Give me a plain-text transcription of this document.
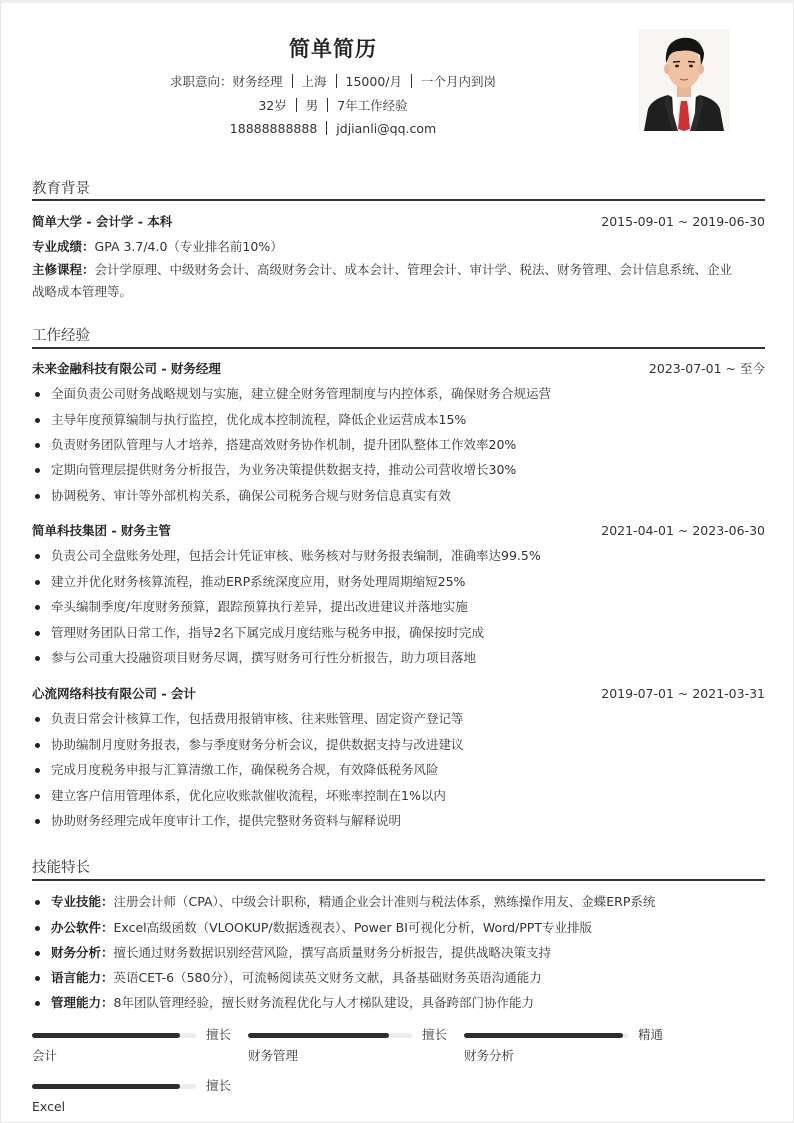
简单简历
求职意向：财务经理 上海 15000/月 一个月内到岗
32岁 男 7年工作经验
18888888888 jdjianli@qq.com
教育背景
简单大学 - 会计学 - 本科	2015-09-01 ~ 2019-06-30
专业成绩：GPA 3.7/4.0（专业排名前10%）
主修课程：会计学原理、中级财务会计、高级财务会计、成本会计、管理会计、审计学、税法、财务管理、会计信息系统、企业
战略成本管理等。
工作经验
未来金融科技有限公司 - 财务经理	2023-07-01 ~ 至今
全面负责公司财务战略规划与实施，建立健全财务管理制度与内控体系，确保财务合规运营
主导年度预算编制与执行监控，优化成本控制流程，降低企业运营成本15%
负责财务团队管理与人才培养，搭建高效财务协作机制，提升团队整体工作效率20%
定期向管理层提供财务分析报告，为业务决策提供数据支持，推动公司营收增长30%
协调税务、审计等外部机构关系，确保公司税务合规与财务信息真实有效
简单科技集团 - 财务主管	2021-04-01 ~ 2023-06-30
负责公司全盘账务处理，包括会计凭证审核、账务核对与财务报表编制，准确率达99.5%
建立并优化财务核算流程，推动ERP系统深度应用，财务处理周期缩短25%
牵头编制季度/年度财务预算，跟踪预算执行差异，提出改进建议并落地实施
管理财务团队日常工作，指导2名下属完成月度结账与税务申报，确保按时完成
参与公司重大投融资项目财务尽调，撰写财务可行性分析报告，助力项目落地
心流网络科技有限公司 - 会计	2019-07-01 ~ 2021-03-31
负责日常会计核算工作，包括费用报销审核、往来账管理、固定资产登记等
协助编制月度财务报表，参与季度财务分析会议，提供数据支持与改进建议
完成月度税务申报与汇算清缴工作，确保税务合规，有效降低税务风险
建立客户信用管理体系，优化应收账款催收流程，坏账率控制在1%以内
协助财务经理完成年度审计工作，提供完整财务资料与解释说明
技能特长
专业技能：注册会计师（CPA）、中级会计职称，精通企业会计准则与税法体系，熟练操作用友、金蝶ERP系统
办公软件：Excel高级函数（VLOOKUP/数据透视表）、Power BI可视化分析，Word/PPT专业排版
财务分析：擅长通过财务数据识别经营风险，撰写高质量财务分析报告，提供战略决策支持
语言能力：英语CET-6（580分），可流畅阅读英文财务文献，具备基础财务英语沟通能力
管理能力：8年团队管理经验，擅长财务流程优化与人才梯队建设，具备跨部门协作能力
擅长
会计
擅长
财务管理
精通
财务分析
擅长
Excel
